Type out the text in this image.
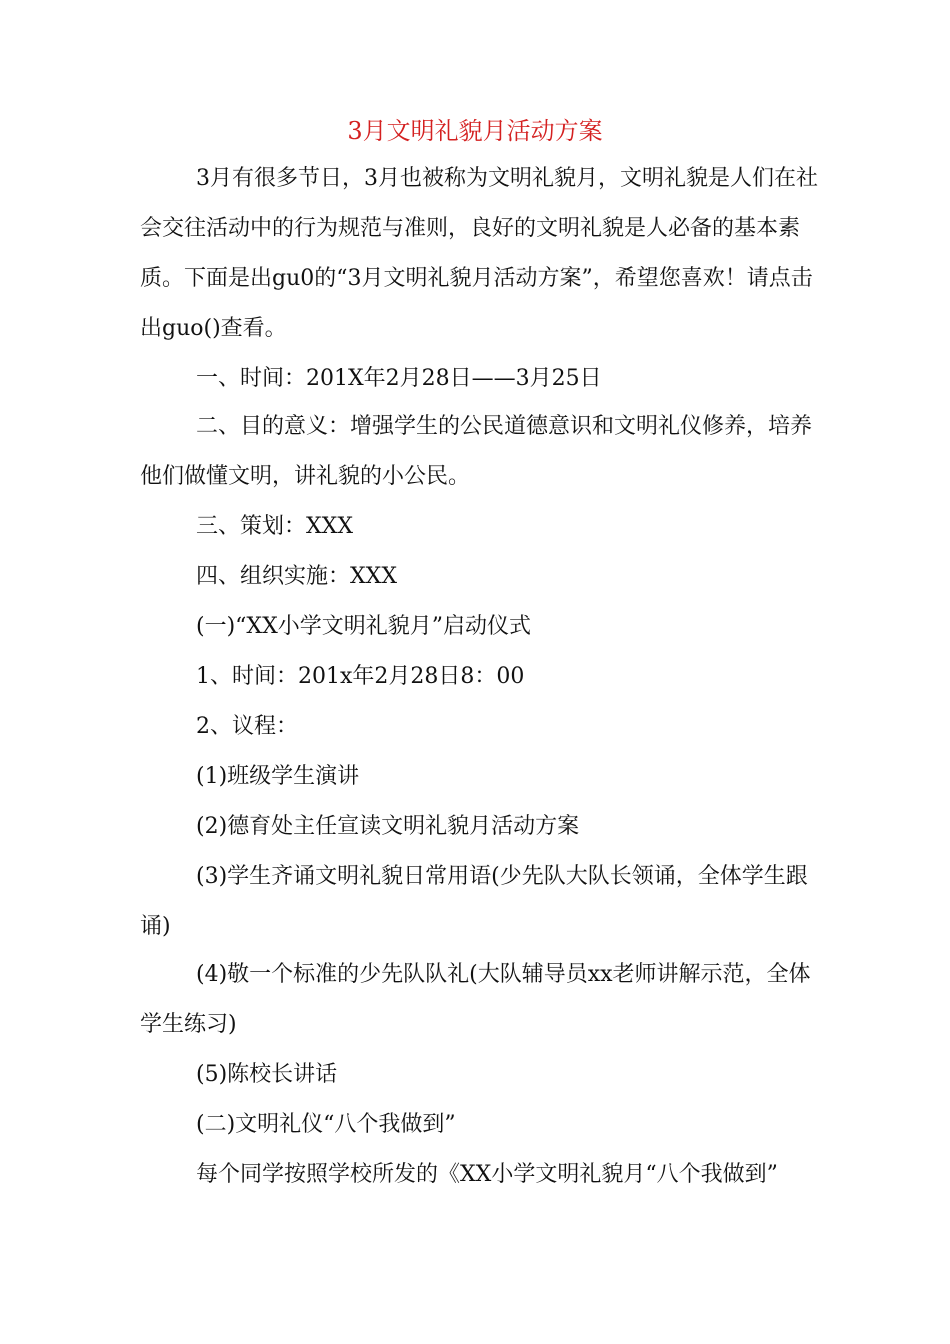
3月文明礼貌月活动方案

3月有很多节日，3月也被称为文明礼貌月，文明礼貌是人们在社会交往活动中的行为规范与准则，良好的文明礼貌是人必备的基本素质。下面是出gu0的“3月文明礼貌月活动方案”，希望您喜欢！请点击出guo()查看。

一、时间：201X年2月28日——3月25日

二、目的意义：增强学生的公民道德意识和文明礼仪修养，培养他们做懂文明，讲礼貌的小公民。

三、策划：XXX

四、组织实施：XXX

(一)“XX小学文明礼貌月”启动仪式

1、时间：201x年2月28日8：00

2、议程：

(1)班级学生演讲

(2)德育处主任宣读文明礼貌月活动方案

(3)学生齐诵文明礼貌日常用语(少先队大队长领诵，全体学生跟诵)

(4)敬一个标准的少先队队礼(大队辅导员xx老师讲解示范，全体学生练习)

(5)陈校长讲话

(二)文明礼仪“八个我做到”

每个同学按照学校所发的《XX小学文明礼貌月“八个我做到”
